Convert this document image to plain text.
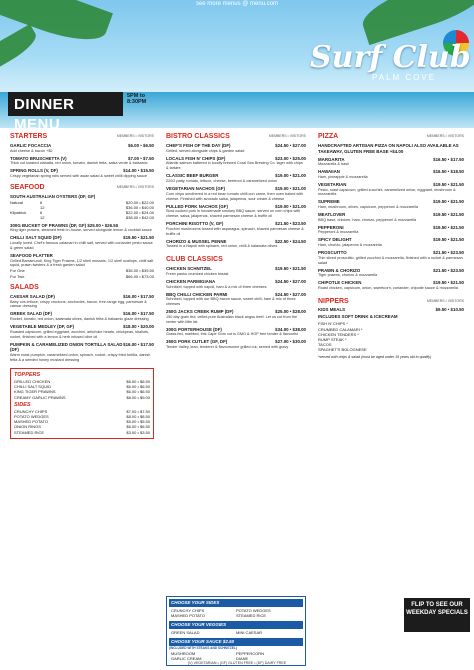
see more menus @ menu.com
Surf Club
PALM COVE
DINNER MENU
5PM to 8:30PM
STARTERS	MEMBERS • VISITORS
GARLIC FOCACCIA	$6.00 • $6.50
Add cheese & bacon +$2
TOMATO BRUSCHETTA (V)	$7.00 • $7.50
Thick cut toasted ciabatta, red onion, tomato, danish fetta, salsa verde & balsamic
SPRING ROLLS (V, DF)	$14.00 • $15.50
Crispy vegetarian spring rolls served with asian salad & sweet chilli dipping sauce
SEAFOOD	MEMBERS • VISITORS
SOUTH AUSTRALIAN OYSTERS (DF, GF)
Natural	6	$20.00 • $22.00
12	$36.00 • $40.00
Kilpatrick	6	$22.00 • $24.00
12	$38.00 • $42.00
300G BUCKET OF PRAWNS (DF, GF) $25.00 • $26.50
King tiger prawns, steamed fresh in-house, served alongside lemon & cocktail sauce
CHILLI SALT SQUID (DF)	$19.50 • $21.50
Locally loved. Chef's famous calamari in chilli salt, served with coriander pesto sauce & green salad
SEAFOOD PLATTER
Grilled Barramundi, King Tiger Prawns, 1/2 shell mussels, 1/2 shell scallops, chilli salt squid, prawn twisters & a fresh garden salad
For One	$36.00 • $39.50
For Two	$66.00 • $73.00
SALADS
CAESAR SALAD (DF)	$16.00 • $17.50
Baby cos lettuce, crispy croutons, anchovies, bacon, free-range egg, parmesan & caesar dressing
GREEK SALAD (DF)	$16.00 • $17.50
Rocket, tomato, red onion, kalamata olives, danish fetta & balsamic glaze dressing
VEGETABLE MEDLEY (DF, GF)	$18.00 • $20.00
Roasted capsicum, grilled eggplant, zucchini, artichoke hearts, chickpeas, shallots, rocket, finished with a lemon & herb infused olive oil
PUMPKIN & CARAMELIZED ONION TORTILLA SALAD (DF)
$16.00 • $17.50
Warm roast pumpkin, caramelized onion, spinach, rocket, crispy fried tortilla, danish fetta & a seeded honey mustard dressing
TOPPERS
GRILLED CHICKEN	$6.00 • $6.50
CHILLI SALT SQUID	$6.00 • $6.50
KING TIGER PRAWNS	$6.00 • $6.50
CREAMY GARLIC PRAWNS	$8.00 • $9.00
SIDES
CRUNCHY CHIPS	$7.00 • $7.50
POTATO WEDGES	$8.00 • $8.50
MASHED POTATO	$5.00 • $5.50
ONION RINGS	$6.00 • $6.50
STEAMED RICE	$3.00 • $3.50
BISTRO CLASSICS	MEMBERS • VISITORS
CHEF'S FISH OF THE DAY (DF)	$24.50 • $27.00
Grilled, served alongside chips & garden salad
LOCALS FISH N' CHIPS (DF)	$23.00 • $25.00
Atlantic salmon battered in locally brewed Coral Sea Brewing Co. lager with chips & tartare
CLASSIC BEEF BURGER	$19.00 • $21.00
220G patty, tomato, lettuce, cheese, beetroot & caramelized onion
VEGETARIAN NACHOS (GF)	$19.00 • $21.00
Corn chips smothered in a red bean tomato chilli con carne, then oven baked with cheese. Finished with avocado salsa, jalapenos, sour cream & cheese
PULLED PORK NACHOS (GF)	$19.00 • $21.00
Slow cooked pork in housemade smokey BBQ sauce, served on corn chips with cheese, salsa, jalapenos, shaved parmesan cheese & truffle oil
PORCHINI RISOTTO (V, GF)	$21.50 • $23.50
Porchini mushrooms tossed with asparagus, spinach, shaved parmesan cheese & truffle oil
CHORIZO & MUSSEL PENNE	$22.50 • $24.50
Tossed in a Napoli with spinach, red onion, chilli & kalamata olives
CLUB CLASSICS
CHICKEN SCHNITZEL	$19.50 • $21.50
Fresh panko crumbed chicken breast
CHICKEN PARMIGIANA	$24.50 • $27.00
Schnitzel, topped with napoli, ham & a mix of three cheeses
BBQ CHILLI CHICKEN PARMI	$24.50 • $27.00
Schnitzel, topped with our BBQ bacon sauce, sweet chilli, ham & mix of three cheeses
250G JACKS CREEK RUMP (DF)	$25.00 • $28.00
150 day grain fed, velled pure Australian black angus beef. Let us cut from the center with little fat
300G PORTERHOUSE (DF)	$34.00 • $38.00
Grass-fed, marbled, this Cape Grim cut is GMO & HGP free tender & flavourful
350G PORK CUTLET (GF, DF)	$27.00 • $30.00
Tender Valley, lean, tenderer & flavoursome grilled cut, served with gravy
CHOOSE YOUR SIDES
CRUNCHY CHIPS	POTATO WEDGES
MASHED POTATO	STEAMED RICE
CHOOSE YOUR VEGGIES
GREEN SALAD	MINI CAESAR
CHOOSE YOUR SAUCE $2.50
(INCLUDED WITH STEAKS AND SCHNITZEL)
MUSHROOM	PEPPERCORN
GARLIC CREAM	DIANE
PIZZA	MEMBERS • VISITORS
HANDCRAFTED ARTISIAN PIZZA ON NAPOLI ALSO AVAILABLE AS TAKEAWAY, GLUTEN FREE BASE +$4.00
MARGARITA	$16.50 • $17.50
Mozzarella & basil
HAWAIIAN	$16.50 • $18.50
Ham, pineapple & mozzarella
VEGETARIAN	$19.50 • $21.50
Pesto, roast capsicum, grilled zucchini, caramelized onion, eggplant, mushroom & mozzarella
SUPREME	$19.50 • $21.50
Ham, mushroom, olives, capsicum, pepperoni & mozzarella
MEATLOVER	$19.50 • $21.50
BBQ base, chicken, ham, chorizo, pepperoni & mozzarella
PEPPERONI	$19.50 • $21.50
Pepperoni & mozzarella
SPICY DELIGHT	$19.50 • $21.50
Ham, chorizo, jalapenos & mozzarella
PROSCUITTO	$21.50 • $23.50
Thin sliced proscuitto, grilled zucchini & mozzarella, finished with a rocket & parmesan salad
PRAWN & CHORIZO	$21.50 • $23.50
Tiger prawns, chorizo & mozzarella
CHIPOTLE CHICKEN	$19.50 • $21.50
Roast chicken, capsicum, onion, sweetcorn, coriander, chipotle sauce & mozzarella
NIPPERS	MEMBERS • VISITORS
KIDS MEALS	$9.50 • $10.50
INCLUDES SOFT DRINK & ICECREAM
FISH N' CHIPS *
CRUMBED CALAMARI *
CHICKEN TENDERS *
RUMP STEAK *
TACOS
SPAGHETTI BOLOGNESE
*served with chips & salad (must be aged under 15 years old to qualify)
FLIP TO SEE OUR WEEKDAY SPECIALS
(V) VEGETARIAN • (GF) GLUTEN FREE • (DF) DAIRY FREE
